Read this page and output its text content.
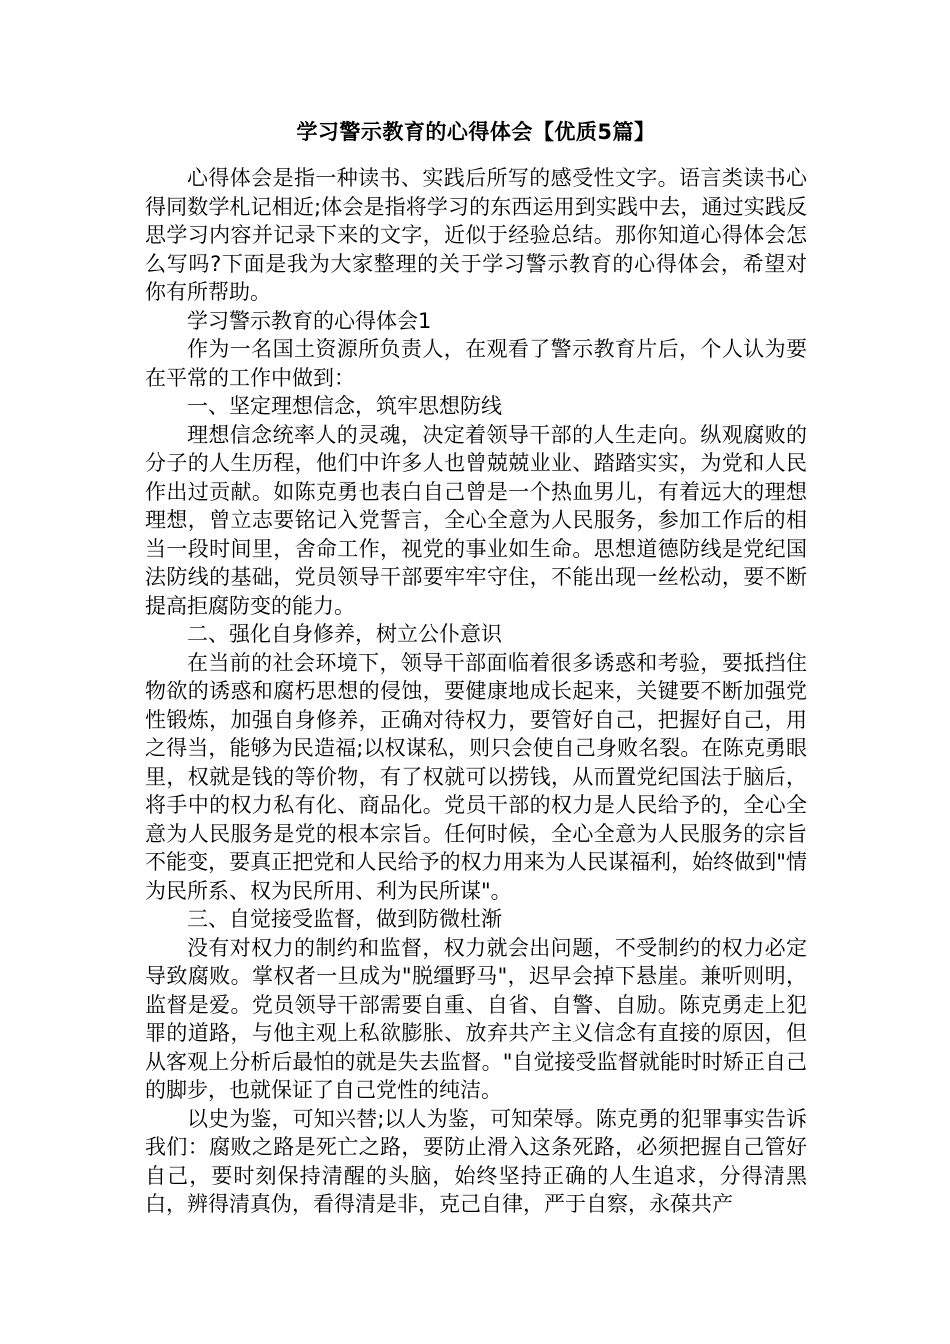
学习警示教育的心得体会【优质5篇】

心得体会是指一种读书、实践后所写的感受性文字。语言类读书心得同数学札记相近;体会是指将学习的东西运用到实践中去，通过实践反思学习内容并记录下来的文字，近似于经验总结。那你知道心得体会怎么写吗?下面是我为大家整理的关于学习警示教育的心得体会，希望对你有所帮助。

学习警示教育的心得体会1

作为一名国土资源所负责人，在观看了警示教育片后，个人认为要在平常的工作中做到：

一、坚定理想信念，筑牢思想防线

理想信念统率人的灵魂，决定着领导干部的人生走向。纵观腐败的分子的人生历程，他们中许多人也曾兢兢业业、踏踏实实，为党和人民作出过贡献。如陈克勇也表白自己曾是一个热血男儿，有着远大的理想理想，曾立志要铭记入党誓言，全心全意为人民服务，参加工作后的相当一段时间里，舍命工作，视党的事业如生命。思想道德防线是党纪国法防线的基础，党员领导干部要牢牢守住，不能出现一丝松动，要不断提高拒腐防变的能力。

二、强化自身修养，树立公仆意识

在当前的社会环境下，领导干部面临着很多诱惑和考验，要抵挡住物欲的诱惑和腐朽思想的侵蚀，要健康地成长起来，关键要不断加强党性锻炼，加强自身修养，正确对待权力，要管好自己，把握好自己，用之得当，能够为民造福;以权谋私，则只会使自己身败名裂。在陈克勇眼里，权就是钱的等价物，有了权就可以捞钱，从而置党纪国法于脑后，将手中的权力私有化、商品化。党员干部的权力是人民给予的，全心全意为人民服务是党的根本宗旨。任何时候，全心全意为人民服务的宗旨不能变，要真正把党和人民给予的权力用来为人民谋福利，始终做到"情为民所系、权为民所用、利为民所谋"。

三、自觉接受监督，做到防微杜渐

没有对权力的制约和监督，权力就会出问题，不受制约的权力必定导致腐败。掌权者一旦成为"脱缰野马"，迟早会掉下悬崖。兼听则明，监督是爱。党员领导干部需要自重、自省、自警、自励。陈克勇走上犯罪的道路，与他主观上私欲膨胀、放弃共产主义信念有直接的原因，但从客观上分析后最怕的就是失去监督。"自觉接受监督就能时时矫正自己的脚步，也就保证了自己党性的纯洁。

以史为鉴，可知兴替;以人为鉴，可知荣辱。陈克勇的犯罪事实告诉我们：腐败之路是死亡之路，要防止滑入这条死路，必须把握自己管好自己，要时刻保持清醒的头脑，始终坚持正确的人生追求，分得清黑白，辨得清真伪，看得清是非，克己自律，严于自察，永葆共产
